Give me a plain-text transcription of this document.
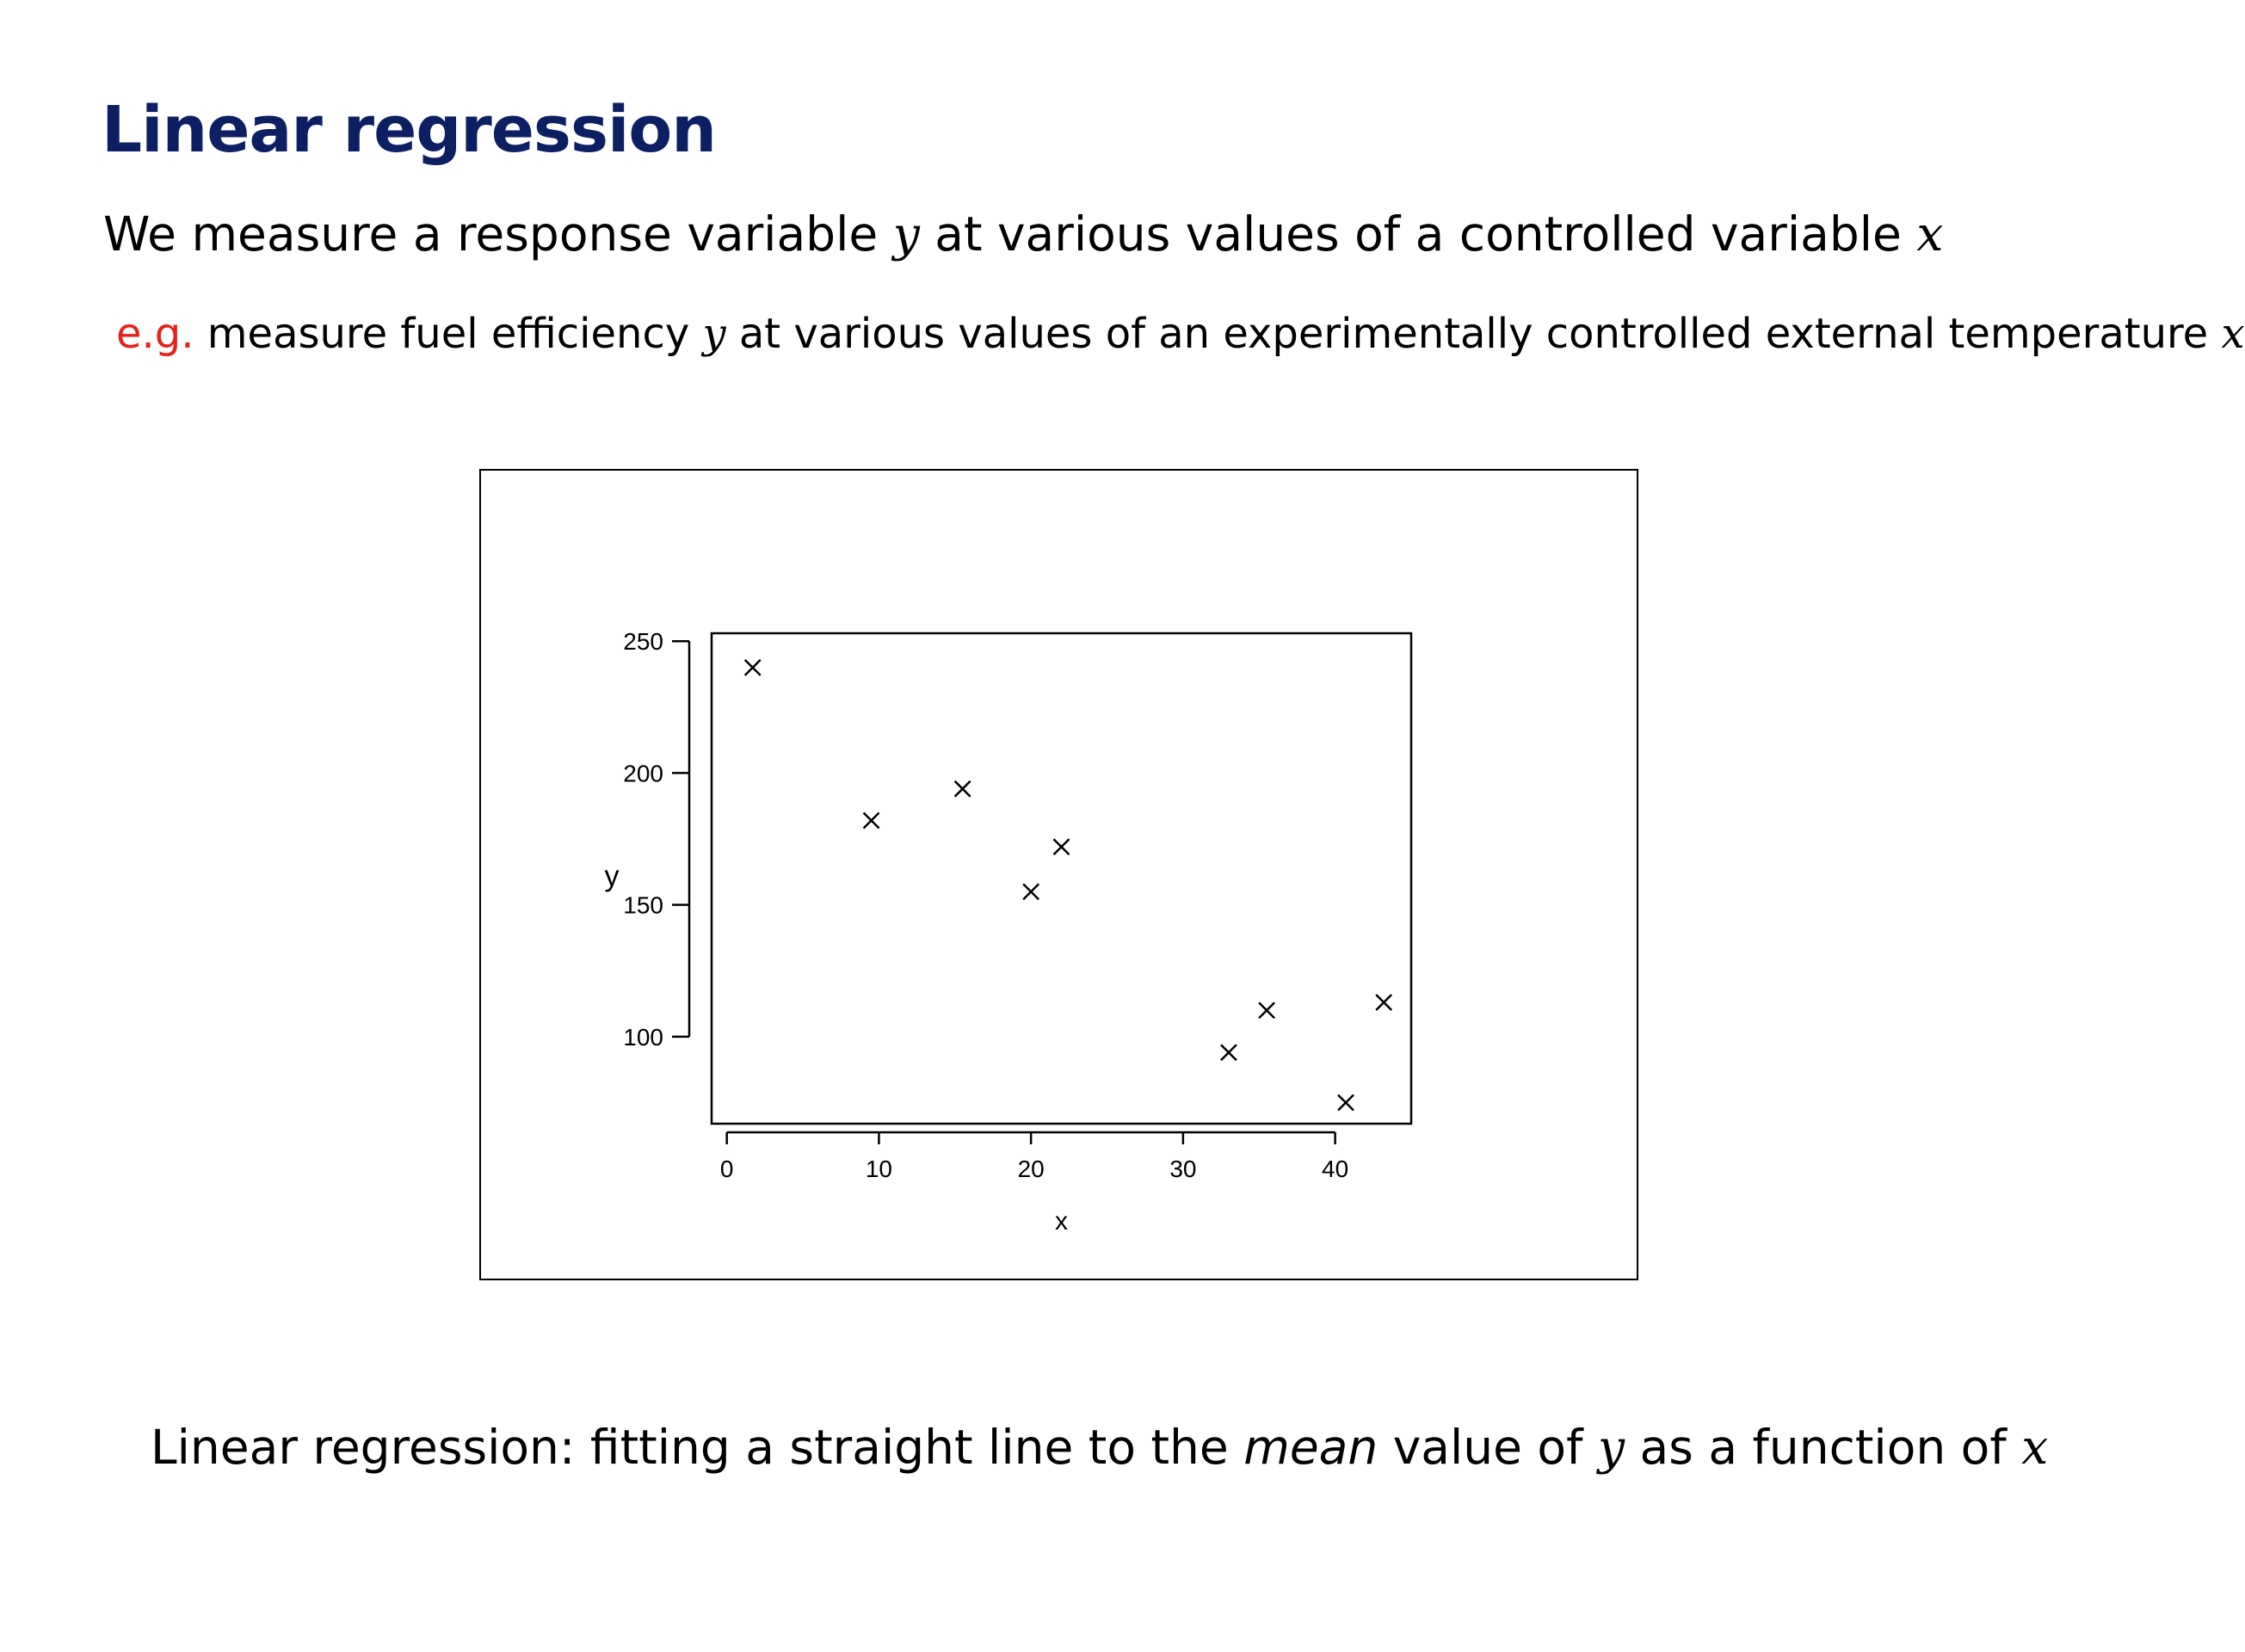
Linear regression
We measure a response variable y at various values of a controlled variable x
e.g. measure fuel efficiency y at various values of an experimentally controlled external temperature x
0	10	20	30	40
x
100
150
200
250
y
Linear regression: fitting a straight line to the mean value of y as a function of x
